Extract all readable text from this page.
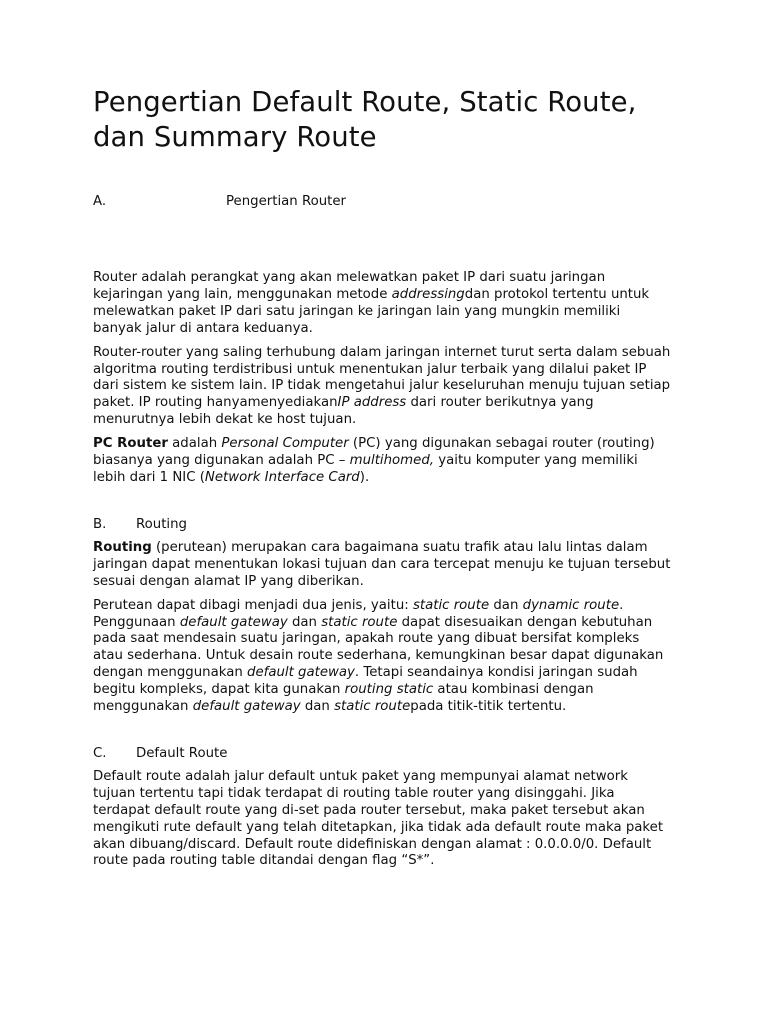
Pengertian Default Route, Static Route, dan Summary Route
A.	Pengertian Router

Router adalah perangkat yang akan melewatkan paket IP dari suatu jaringan kejaringan yang lain, menggunakan metode addressingdan protokol tertentu untuk melewatkan paket IP dari satu jaringan ke jaringan lain yang mungkin memiliki banyak jalur di antara keduanya.

Router-router yang saling terhubung dalam jaringan internet turut serta dalam sebuah algoritma routing terdistribusi untuk menentukan jalur terbaik yang dilalui paket IP dari sistem ke sistem lain. IP tidak mengetahui jalur keseluruhan menuju tujuan setiap paket. IP routing hanyamenyediakanIP address dari router berikutnya yang menurutnya lebih dekat ke host tujuan.

PC Router adalah Personal Computer (PC) yang digunakan sebagai router (routing) biasanya yang digunakan adalah PC – multihomed, yaitu komputer yang memiliki lebih dari 1 NIC (Network Interface Card).

B.	Routing

Routing (perutean) merupakan cara bagaimana suatu trafik atau lalu lintas dalam jaringan dapat menentukan lokasi tujuan dan cara tercepat menuju ke tujuan tersebut sesuai dengan alamat IP yang diberikan.

Perutean dapat dibagi menjadi dua jenis, yaitu: static route dan dynamic route. Penggunaan default gateway dan static route dapat disesuaikan dengan kebutuhan pada saat mendesain suatu jaringan, apakah route yang dibuat bersifat kompleks atau sederhana. Untuk desain route sederhana, kemungkinan besar dapat digunakan dengan menggunakan default gateway. Tetapi seandainya kondisi jaringan sudah begitu kompleks, dapat kita gunakan routing static atau kombinasi dengan menggunakan default gateway dan static routepada titik-titik tertentu.

C.	Default Route

Default route adalah jalur default untuk paket yang mempunyai alamat network tujuan tertentu tapi tidak terdapat di routing table router yang disinggahi. Jika terdapat default route yang di-set pada router tersebut, maka paket tersebut akan mengikuti rute default yang telah ditetapkan, jika tidak ada default route maka paket akan dibuang/discard. Default route didefiniskan dengan alamat : 0.0.0.0/0. Default route pada routing table ditandai dengan flag “S*”.
